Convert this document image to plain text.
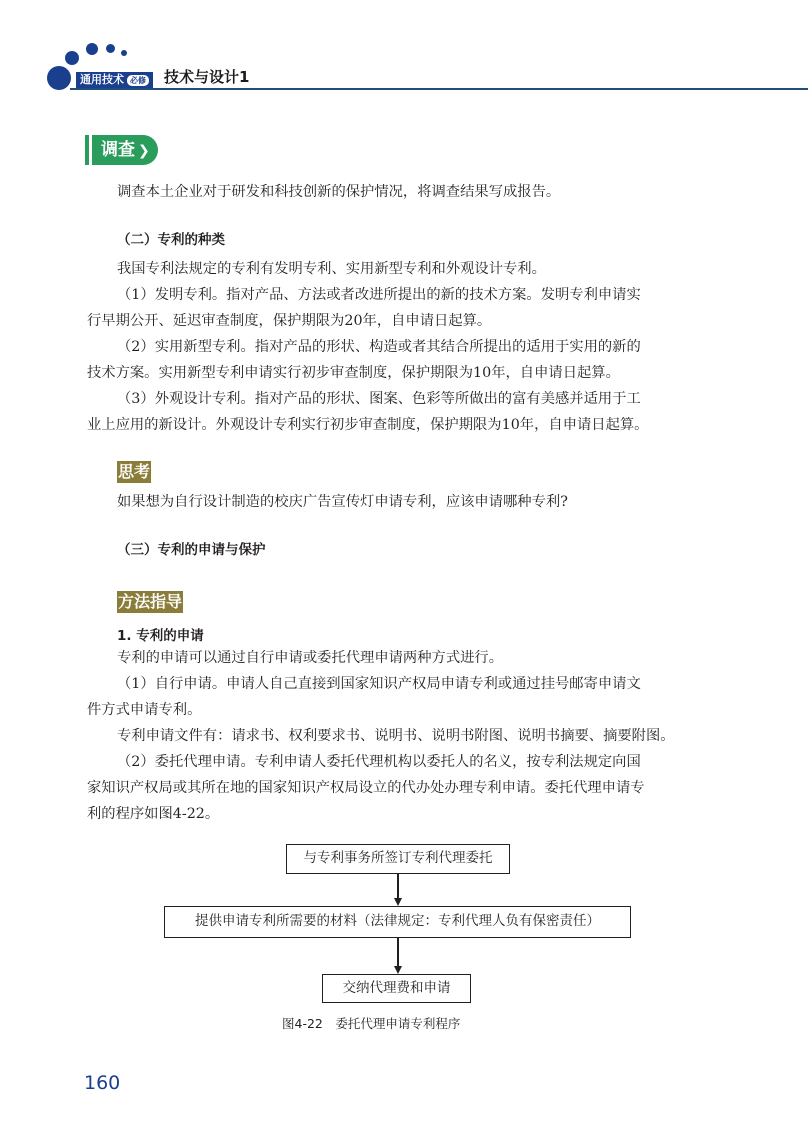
通用技术 必修	技术与设计1
调查 ❯
调查本土企业对于研发和科技创新的保护情况，将调查结果写成报告。
（二）专利的种类
我国专利法规定的专利有发明专利、实用新型专利和外观设计专利。
（1）发明专利。指对产品、方法或者改进所提出的新的技术方案。发明专利申请实
行早期公开、延迟审查制度，保护期限为20年，自申请日起算。
（2）实用新型专利。指对产品的形状、构造或者其结合所提出的适用于实用的新的
技术方案。实用新型专利申请实行初步审查制度，保护期限为10年，自申请日起算。
（3）外观设计专利。指对产品的形状、图案、色彩等所做出的富有美感并适用于工
业上应用的新设计。外观设计专利实行初步审查制度，保护期限为10年，自申请日起算。
思考
如果想为自行设计制造的校庆广告宣传灯申请专利，应该申请哪种专利?
（三）专利的申请与保护
方法指导
1. 专利的申请
专利的申请可以通过自行申请或委托代理申请两种方式进行。
（1）自行申请。申请人自己直接到国家知识产权局申请专利或通过挂号邮寄申请文
件方式申请专利。
专利申请文件有：请求书、权利要求书、说明书、说明书附图、说明书摘要、摘要附图。
（2）委托代理申请。专利申请人委托代理机构以委托人的名义，按专利法规定向国
家知识产权局或其所在地的国家知识产权局设立的代办处办理专利申请。委托代理申请专
利的程序如图4-22。
与专利事务所签订专利代理委托
提供申请专利所需要的材料（法律规定：专利代理人负有保密责任）
交纳代理费和申请
图4-22　委托代理申请专利程序
160
